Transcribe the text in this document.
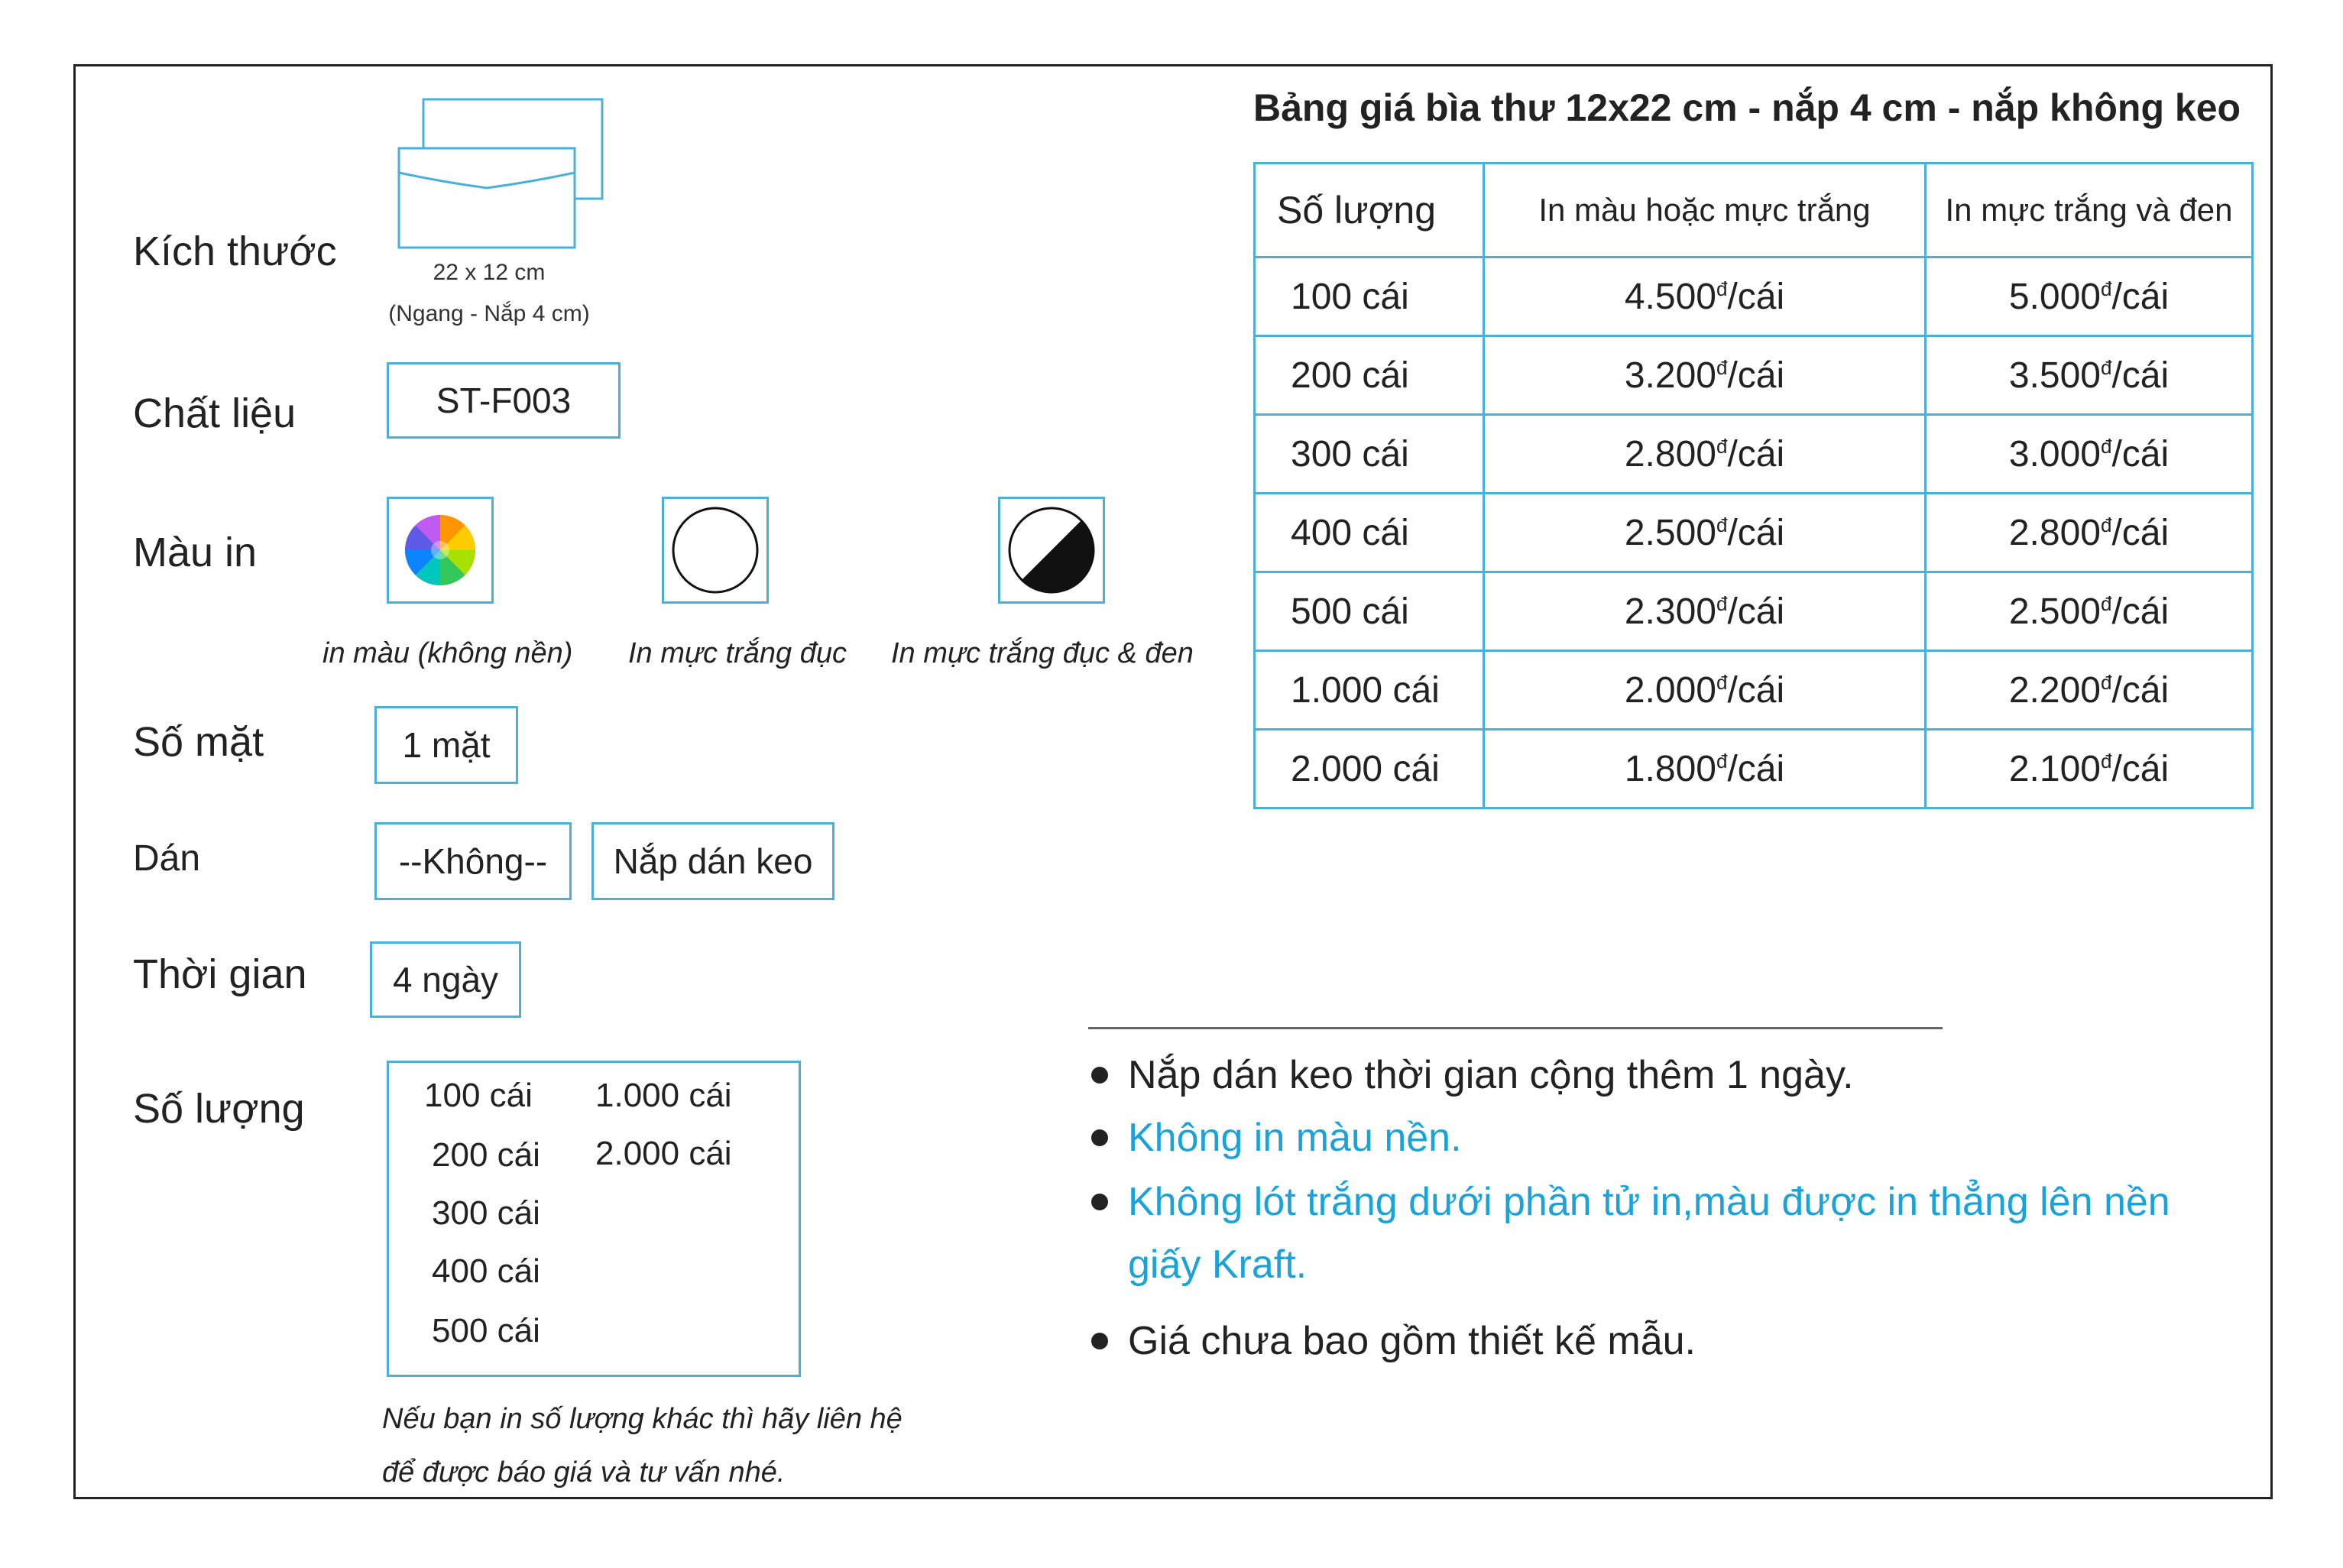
Kích thước	22 x 12 cm
(Ngang - Nắp 4 cm)
Chất liệu	ST-F003
Màu in
in màu (không nền) In mực trắng đục In mực trắng đục & đen
Số mặt	1 mặt
Dán	--Không--	Nắp dán keo
Thời gian	4 ngày
Số lượng	100 cái
200 cái
300 cái
400 cái
500 cái
1.000 cái
2.000 cái
Nếu bạn in số lượng khác thì hãy liên hệ
để được báo giá và tư vấn nhé.
Bảng giá bìa thư 12x22 cm - nắp 4 cm - nắp không keo
Số lượng	In màu hoặc mực trắng	In mực trắng và đen
100 cái	$4.500^đ$/cái	$5.000^đ$/cái
200 cái	$3.200^đ$/cái	$3.500^đ$/cái
300 cái	$2.800^đ$/cái	$3.000^đ$/cái
400 cái	$2.500^đ$/cái	$2.800^đ$/cái
500 cái	$2.300^đ$/cái	$2.500^đ$/cái
1.000 cái	$2.000^đ$/cái	$2.200^đ$/cái
2.000 cái	$1.800^đ$/cái	$2.100^đ$/cái
Nắp dán keo thời gian cộng thêm 1 ngày.
Không in màu nền.
Không lót trắng dưới phần tử in,màu được in thẳng lên nền giấy Kraft.
Giá chưa bao gồm thiết kế mẫu.
